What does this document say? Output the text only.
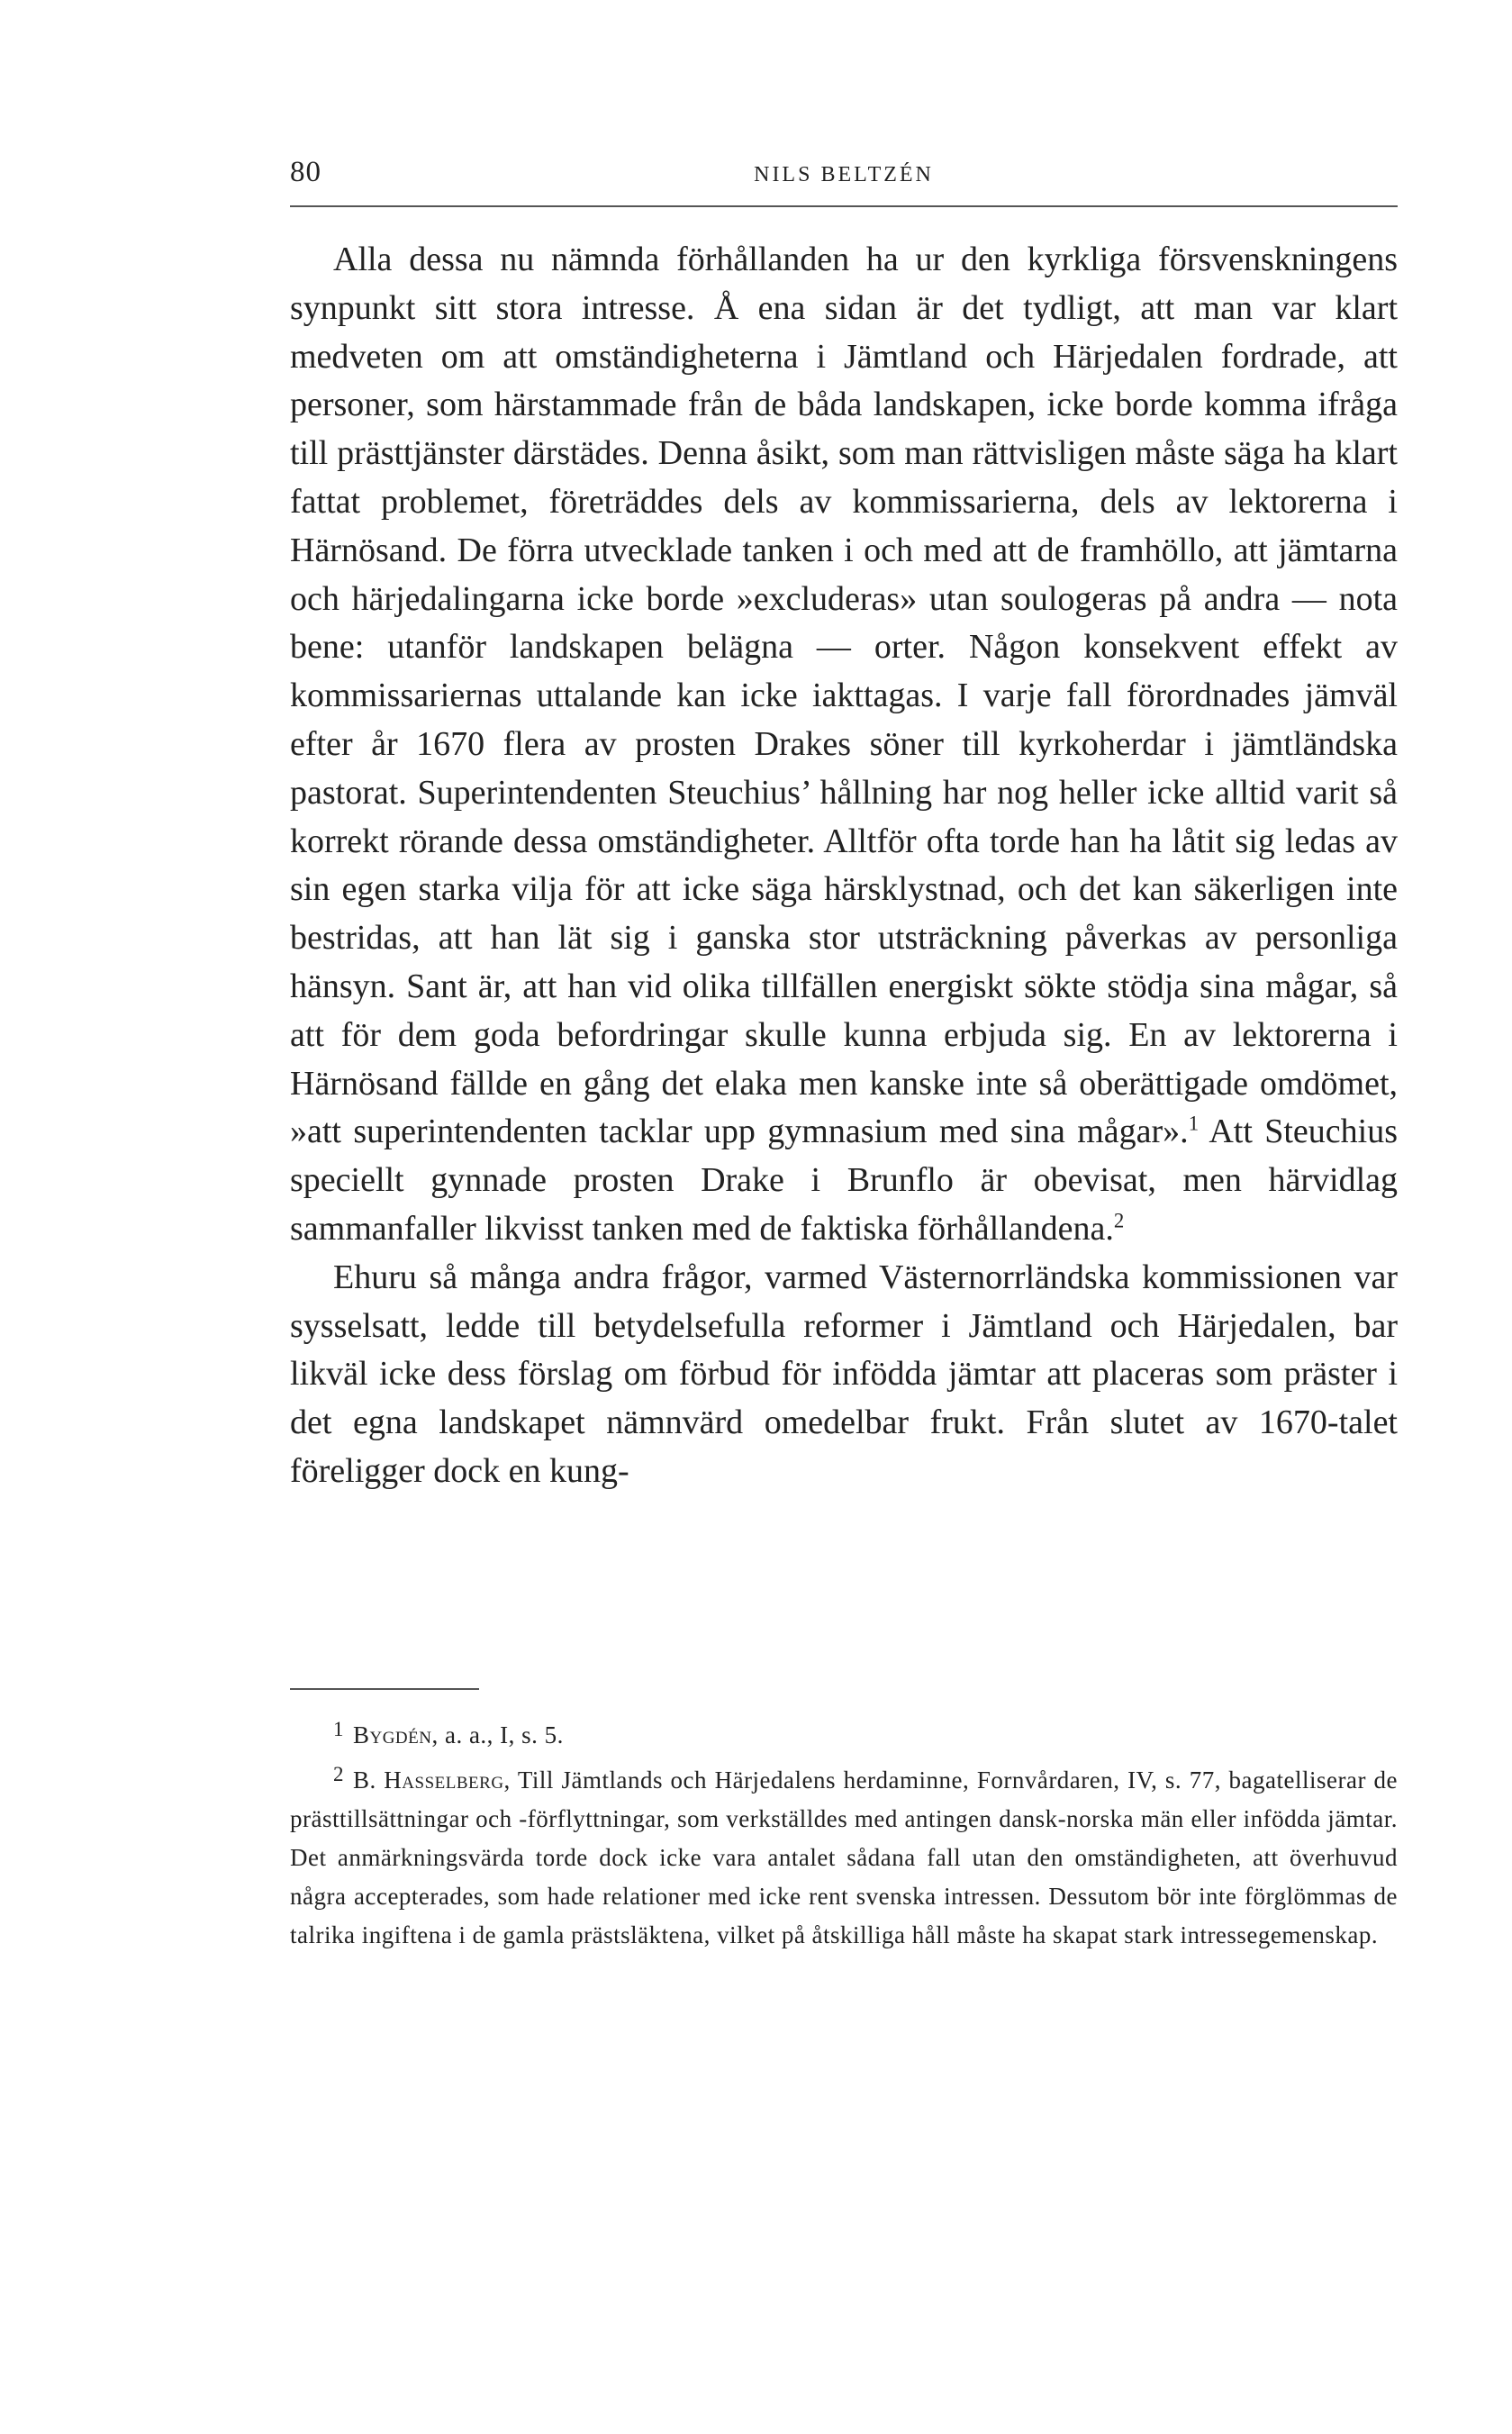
80	NILS BELTZÉN

Alla dessa nu nämnda förhållanden ha ur den kyrkliga försvenskningens synpunkt sitt stora intresse. Å ena sidan är det tydligt, att man var klart medveten om att omständigheterna i Jämtland och Härjedalen fordrade, att personer, som härstammade från de båda landskapen, icke borde komma ifråga till prästtjänster därstädes. Denna åsikt, som man rättvisligen måste säga ha klart fattat problemet, företräddes dels av kommissarierna, dels av lektorerna i Härnösand. De förra utvecklade tanken i och med att de framhöllo, att jämtarna och härjedalingarna icke borde »excluderas» utan soulogeras på andra — nota bene: utanför landskapen belägna — orter. Någon konsekvent effekt av kommissariernas uttalande kan icke iakttagas. I varje fall förordnades jämväl efter år 1670 flera av prosten Drakes söner till kyrkoherdar i jämtländska pastorat. Superintendenten Steuchius’ hållning har nog heller icke alltid varit så korrekt rörande dessa omständigheter. Alltför ofta torde han ha låtit sig ledas av sin egen starka vilja för att icke säga härsklystnad, och det kan säkerligen inte bestridas, att han lät sig i ganska stor utsträckning påverkas av personliga hänsyn. Sant är, att han vid olika tillfällen energiskt sökte stödja sina mågar, så att för dem goda befordringar skulle kunna erbjuda sig. En av lektorerna i Härnösand fällde en gång det elaka men kanske inte så oberättigade omdömet, »att superintendenten tacklar upp gymnasium med sina mågar».$^1$ Att Steuchius speciellt gynnade prosten Drake i Brunflo är obevisat, men härvidlag sammanfaller likvisst tanken med de faktiska förhållandena.$^2$

Ehuru så många andra frågor, varmed Västernorrländska kommissionen var sysselsatt, ledde till betydelsefulla reformer i Jämtland och Härjedalen, bar likväl icke dess förslag om förbud för infödda jämtar att placeras som präster i det egna landskapet nämnvärd omedelbar frukt. Från slutet av 1670-talet föreligger dock en kung-

$^1$ Bygdén, a. a., I, s. 5.

$^2$ B. Hasselberg, Till Jämtlands och Härjedalens herdaminne, Fornvårdaren, IV, s. 77, bagatelliserar de prästtillsättningar och -förflyttningar, som verkställdes med antingen dansk-norska män eller infödda jämtar. Det anmärkningsvärda torde dock icke vara antalet sådana fall utan den omständigheten, att överhuvud några accepterades, som hade relationer med icke rent svenska intressen. Dessutom bör inte förglömmas de talrika ingiftena i de gamla prästsläktena, vilket på åtskilliga håll måste ha skapat stark intressegemenskap.
